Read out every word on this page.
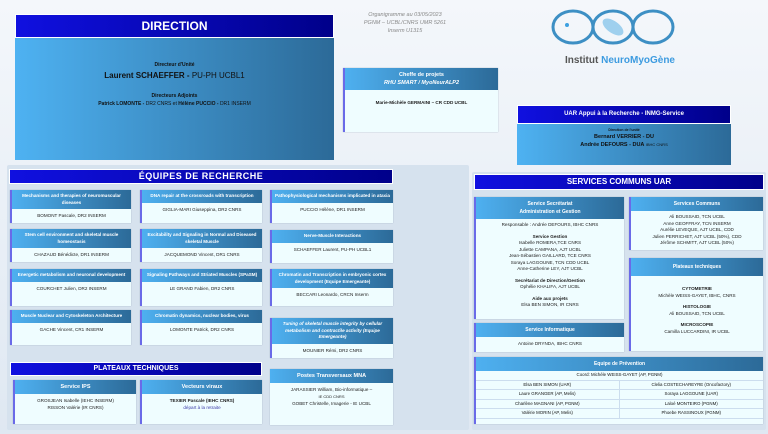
DIRECTION
Directeur d'Unité
Laurent SCHAEFFER - PU-PH UCBL1
Directeurs Adjoints
Patrick LOMONTE - DR2 CNRS et Hélène PUCCIO - DR1 INSERM
Organigramme au 03/05/2023
PGNM – UCBL/CNRS UMR 5261
Inserm U1315
Institut NeuroMyoGène
Cheffe de projets
RHU SMART / MyoNeurALP2
Marie-Michèle GERMAINI – CR CDD UCBL
UAR Appui à la Recherche - INMG-Service
Direction de l'unité
Bernard VERRIER - DU
Andrée DEFOURS - DUA IBHC CNRS
ÉQUIPES DE RECHERCHE
Mechanisms and therapies of neuromuscular diseases
BOMONT Pascale, DR2 INSERM
DNA repair at the crossroads with transcription
GIGLIA-MARI Giuseppina, DR2 CNRS
Pathophysiological mechanisms implicated in ataxia
PUCCIO Hélène, DR1 INSERM
Stem cell environment and skeletal muscle homeostasis
CHAZAUD Bénédicte, DR1 INSERM
Excitability and Signaling in Normal and Diseased skeletal Muscle
JACQUEMOND Vincent, DR1 CNRS
Nerve-Muscle Interactions
SCHAEFFER Laurent, PU-PH UCBL1
Energetic metabolism and neuronal development
COURCHET Julien, DR2 INSERM
Signaling Pathways and Striated Muscles (SPaSM)
LE GRAND Fabien, DR2 CNRS
Chromatin and Transcription in embryonic cortex development (Equipe Emergeante)
BECCARI Leonardo, CRCN Inserm
Muscle Nuclear and Cytoskeleton Architecture
GACHE Vincent, CR1 INSERM
Chromatin dynamics, nuclear bodies, virus
LOMONTE Patrick, DR2 CNRS
Tuning of skeletal muscle integrity by cellular metabolism and contractile activity (Equipe Emergeante)
MOUNIER Rémi, DR2 CNRS
PLATEAUX TECHNIQUES
Service IPS
GROSJEAN Isabelle (IEHC INSERM)
RISSON Valérie (IR CNRS)
Vecteurs viraux
TEXIER Pascale (IEHC CNRS)
départ à la retraite
Postes Transversaux MNA
JARASSIER William, Bio-informatique –
IE CDD CNRS
GOBET Christelle, Imagerie - IE UCBL
SERVICES COMMUNS UAR
Service Secrétariat
Administration et Gestion
Responsable : Andrée DEFOURS, IBHC CNRS
Service Gestion
Isabelle ROMERA,TCE CNRS
Juliette CAMPANA, AJT UCBL
Jean-Sébastien GAILLARD, TCE CNRS
Soraya LAGGOUNE, TCN CDD UCBL
Anne-Catherine LEY, AJT UCBL
Secrétariat de Direction/Gestion
Ophélie KHALIFA, AJT UCBL
Aide aux projets
Elsa BEN SIMON, IR CNRS
Service Informatique
Antoine DRYNDA, IBHC CNRS
Services Communs
Ali BOUSSAID, TCN UCBL
Anne GEOFFRAY, TCN INSERM
Aurélie LEVEQUE, AJT UCBL, CDD
Julien PERRICHET, AJT UCBL (50%), CDD
Jérôme SCHMITT, AJT UCBL (50%)
Plateaux techniques
CYTOMETRIE
Michèle WEISS-GAYET, IBHC, CNRS
HISTOLOGIE
Ali BOUSSAID, TCN UCBL
MICROSCOPIE
Camilla LUCCARDINI, IR UCBL
Equipe de Prévention
Coord: Michèle WEISS-GAYET (AP, PGNM)
Elsa BEN SIMON (UAR)	Clelia COSTECHAREYRE (Oncofactory)
Laure GRANGER (AP, Melis)	Soraya LAGGOUNE (UAR)
Charlène MAGNANI (AP, PGNM)	Laloé MONTEIRO (PGNM)
Valérie MORIN (AP, Melis)	Phoebe RASSINOUX (PGNM)
